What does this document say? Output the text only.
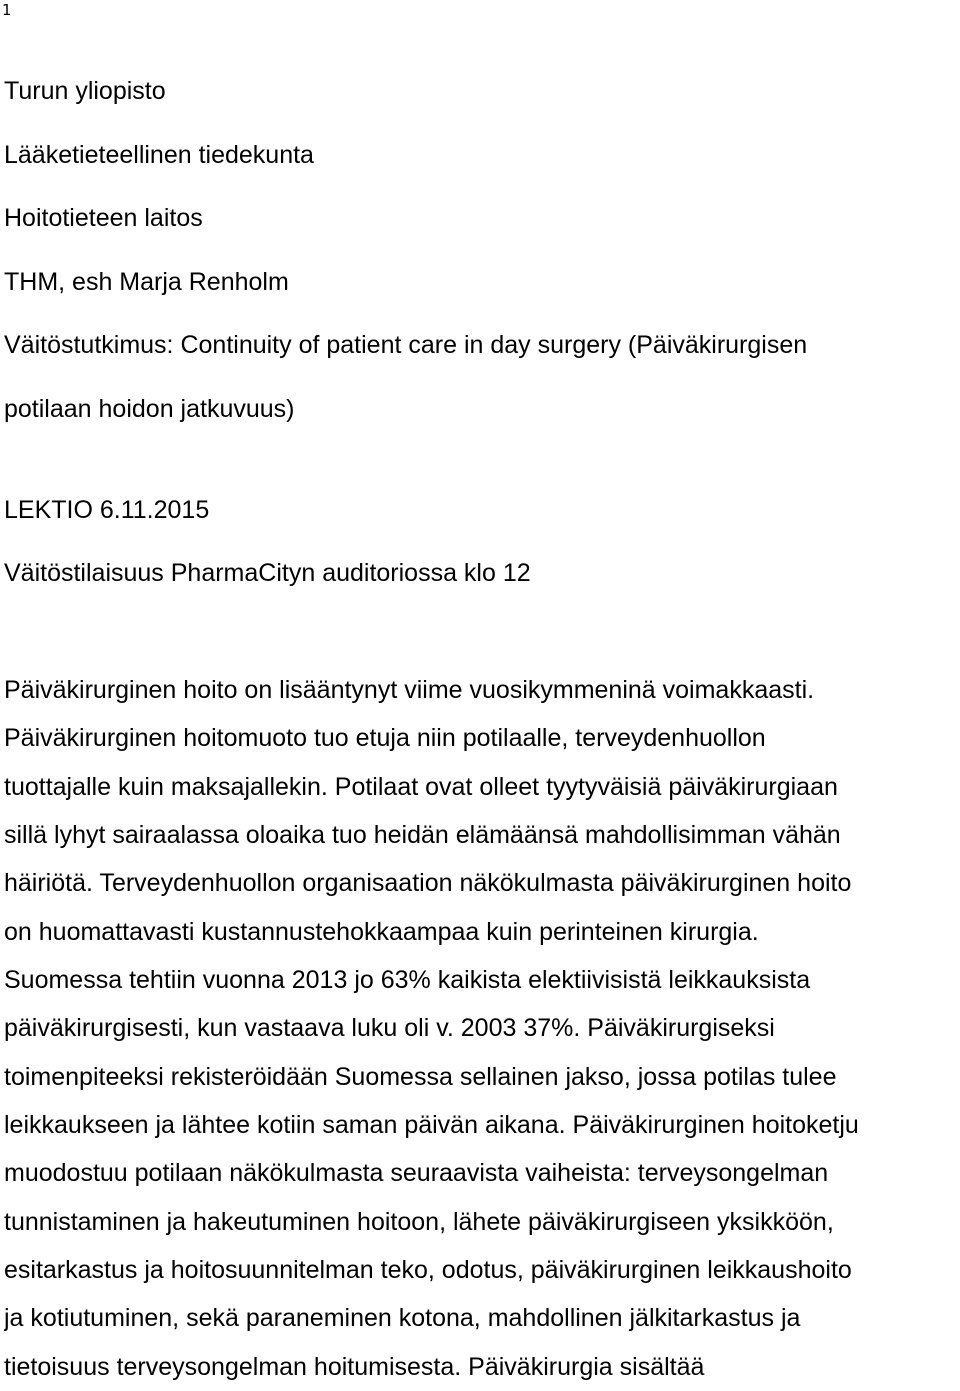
1
Turun yliopisto
Lääketieteellinen tiedekunta
Hoitotieteen laitos
THM, esh Marja Renholm
Väitöstutkimus: Continuity of patient care in day surgery (Päiväkirurgisen
potilaan hoidon jatkuvuus)
LEKTIO 6.11.2015
Väitöstilaisuus PharmaCityn auditoriossa klo 12
Päiväkirurginen hoito on lisääntynyt viime vuosikymmeninä voimakkaasti.
Päiväkirurginen hoitomuoto tuo etuja niin potilaalle, terveydenhuollon
tuottajalle kuin maksajallekin. Potilaat ovat olleet tyytyväisiä päiväkirurgiaan
sillä lyhyt sairaalassa oloaika tuo heidän elämäänsä mahdollisimman vähän
häiriötä. Terveydenhuollon organisaation näkökulmasta päiväkirurginen hoito
on huomattavasti kustannustehokkaampaa kuin perinteinen kirurgia.
Suomessa tehtiin vuonna 2013 jo 63% kaikista elektiivisistä leikkauksista
päiväkirurgisesti, kun vastaava luku oli v. 2003 37%. Päiväkirurgiseksi
toimenpiteeksi rekisteröidään Suomessa sellainen jakso, jossa potilas tulee
leikkaukseen ja lähtee kotiin saman päivän aikana. Päiväkirurginen hoitoketju
muodostuu potilaan näkökulmasta seuraavista vaiheista: terveysongelman
tunnistaminen ja hakeutuminen hoitoon, lähete päiväkirurgiseen yksikköön,
esitarkastus ja hoitosuunnitelman teko, odotus, päiväkirurginen leikkaushoito
ja kotiutuminen, sekä paraneminen kotona, mahdollinen jälkitarkastus ja
tietoisuus terveysongelman hoitumisesta. Päiväkirurgia sisältää
